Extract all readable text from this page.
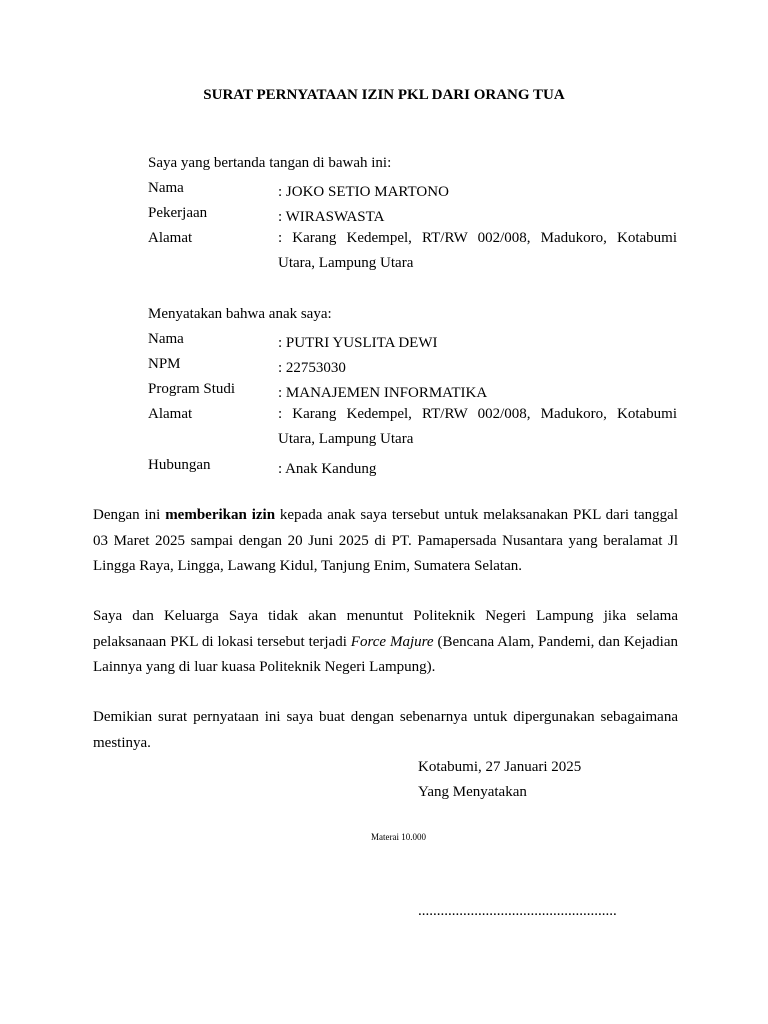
SURAT PERNYATAAN IZIN PKL DARI ORANG TUA
Saya yang bertanda tangan di bawah ini:
Nama	: JOKO SETIO MARTONO
Pekerjaan	: WIRASWASTA
Alamat	: Karang Kedempel, RT/RW 002/008, Madukoro, Kotabumi Utara, Lampung Utara
Menyatakan bahwa anak saya:
Nama	: PUTRI YUSLITA DEWI
NPM	: 22753030
Program Studi	: MANAJEMEN INFORMATIKA
Alamat	: Karang Kedempel, RT/RW 002/008, Madukoro, Kotabumi Utara, Lampung Utara
Hubungan	: Anak Kandung
Dengan ini memberikan izin kepada anak saya tersebut untuk melaksanakan PKL dari tanggal 03 Maret 2025 sampai dengan 20 Juni 2025 di PT. Pamapersada Nusantara yang beralamat Jl Lingga Raya, Lingga, Lawang Kidul, Tanjung Enim, Sumatera Selatan.
Saya dan Keluarga Saya tidak akan menuntut Politeknik Negeri Lampung jika selama pelaksanaan PKL di lokasi tersebut terjadi Force Majure (Bencana Alam, Pandemi, dan Kejadian Lainnya yang di luar kuasa Politeknik Negeri Lampung).
Demikian surat pernyataan ini saya buat dengan sebenarnya untuk dipergunakan sebagaimana mestinya.
Kotabumi, 27 Januari 2025
Yang Menyatakan
Materai 10.000
.....................................................
